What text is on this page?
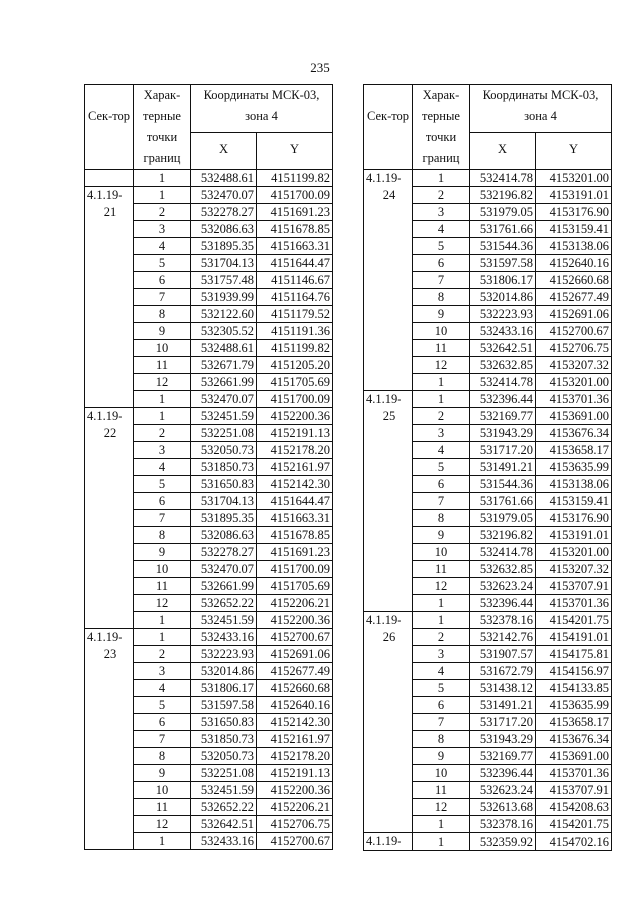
235
Сек-тор	Харак-терные точки границ	Координаты МСК-03, зона 4	
		X	Y
	1	532488.61	4151199.82

4.1.19-
21	1	532470.07	4151700.09
	2	532278.27	4151691.23
	3	532086.63	4151678.85
	4	531895.35	4151663.31
	5	531704.13	4151644.47
	6	531757.48	4151146.67
	7	531939.99	4151164.76
	8	532122.60	4151179.52
	9	532305.52	4151191.36
	10	532488.61	4151199.82
	11	532671.79	4151205.20
	12	532661.99	4151705.69
	1	532470.07	4151700.09

4.1.19-
22	1	532451.59	4152200.36
	2	532251.08	4152191.13
	3	532050.73	4152178.20
	4	531850.73	4152161.97
	5	531650.83	4152142.30
	6	531704.13	4151644.47
	7	531895.35	4151663.31
	8	532086.63	4151678.85
	9	532278.27	4151691.23
	10	532470.07	4151700.09
	11	532661.99	4151705.69
	12	532652.22	4152206.21
	1	532451.59	4152200.36

4.1.19-
23	1	532433.16	4152700.67
	2	532223.93	4152691.06
	3	532014.86	4152677.49
	4	531806.17	4152660.68
	5	531597.58	4152640.16
	6	531650.83	4152142.30
	7	531850.73	4152161.97
	8	532050.73	4152178.20
	9	532251.08	4152191.13
	10	532451.59	4152200.36
	11	532652.22	4152206.21
	12	532642.51	4152706.75
	1	532433.16	4152700.67
Сек-тор	Харак-терные точки границ	Координаты МСК-03, зона 4	
		X	Y

4.1.19-
24	1	532414.78	4153201.00
	2	532196.82	4153191.01
	3	531979.05	4153176.90
	4	531761.66	4153159.41
	5	531544.36	4153138.06
	6	531597.58	4152640.16
	7	531806.17	4152660.68
	8	532014.86	4152677.49
	9	532223.93	4152691.06
	10	532433.16	4152700.67
	11	532642.51	4152706.75
	12	532632.85	4153207.32
	1	532414.78	4153201.00

4.1.19-
25	1	532396.44	4153701.36
	2	532169.77	4153691.00
	3	531943.29	4153676.34
	4	531717.20	4153658.17
	5	531491.21	4153635.99
	6	531544.36	4153138.06
	7	531761.66	4153159.41
	8	531979.05	4153176.90
	9	532196.82	4153191.01
	10	532414.78	4153201.00
	11	532632.85	4153207.32
	12	532623.24	4153707.91
	1	532396.44	4153701.36

4.1.19-
26	1	532378.16	4154201.75
	2	532142.76	4154191.01
	3	531907.57	4154175.81
	4	531672.79	4154156.97
	5	531438.12	4154133.85
	6	531491.21	4153635.99
	7	531717.20	4153658.17
	8	531943.29	4153676.34
	9	532169.77	4153691.00
	10	532396.44	4153701.36
	11	532623.24	4153707.91
	12	532613.68	4154208.63
	1	532378.16	4154201.75

4.1.19-	1	532359.92	4154702.16
